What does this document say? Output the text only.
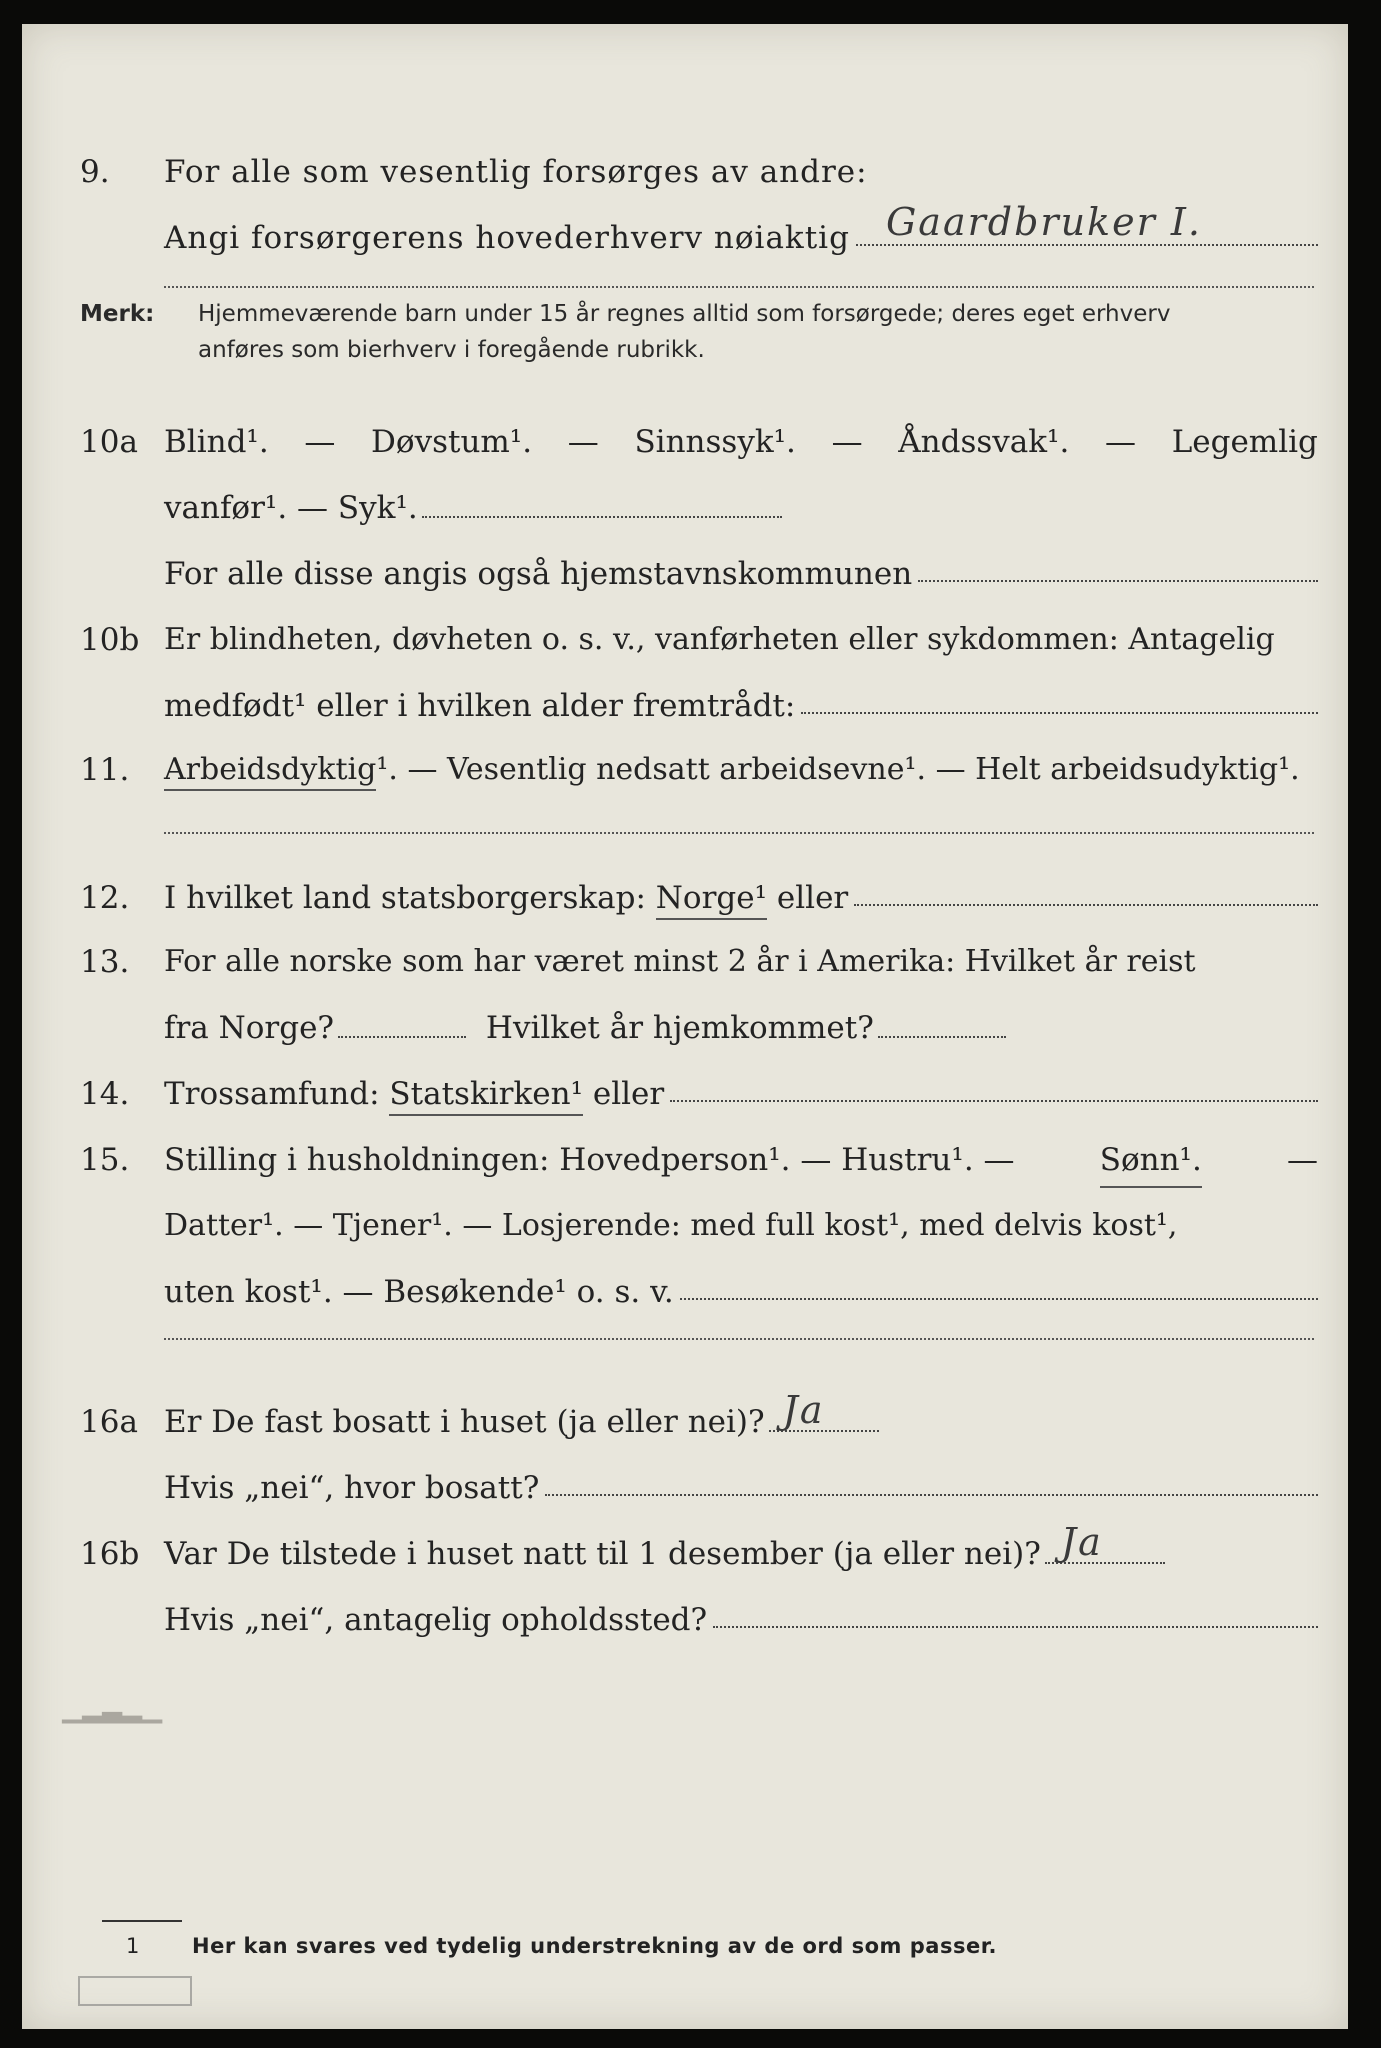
9. For alle som vesentlig forsørges av andre:
Angi forsørgerens hovederhverv nøiaktig Gaardbruker I.
Merk: Hjemmeværende barn under 15 år regnes alltid som forsørgede; deres eget erhverv
anføres som bierhverv i foregående rubrikk.
10a Blind¹. — Døvstum¹. — Sinnssyk¹. — Åndssvak¹. — Legemlig
vanfør¹. — Syk¹.
For alle disse angis også hjemstavnskommunen
10b Er blindheten, døvheten o. s. v., vanførheten eller sykdommen: Antagelig
medfødt¹ eller i hvilken alder fremtrådt:
11. Arbeidsdyktig¹. — Vesentlig nedsatt arbeidsevne¹. — Helt arbeidsudyktig¹.
12. I hvilket land statsborgerskap: Norge¹ eller
13. For alle norske som har været minst 2 år i Amerika: Hvilket år reist
fra Norge?	Hvilket år hjemkommet?
14. Trossamfund: Statskirken¹ eller
15. Stilling i husholdningen: Hovedperson¹. — Hustru¹. —	Sønn¹.	—
Datter¹. — Tjener¹. — Losjerende: med full kost¹, med delvis kost¹,
uten kost¹. — Besøkende¹ o. s. v.
16a Er De fast bosatt i huset (ja eller nei)? Ja
Hvis „nei“, hvor bosatt?
16b Var De tilstede i huset natt til 1 desember (ja eller nei)? Ja
Hvis „nei“, antagelig opholdssted?
▁▂▃▂▁
1	Her kan svares ved tydelig understrekning av de ord som passer.
